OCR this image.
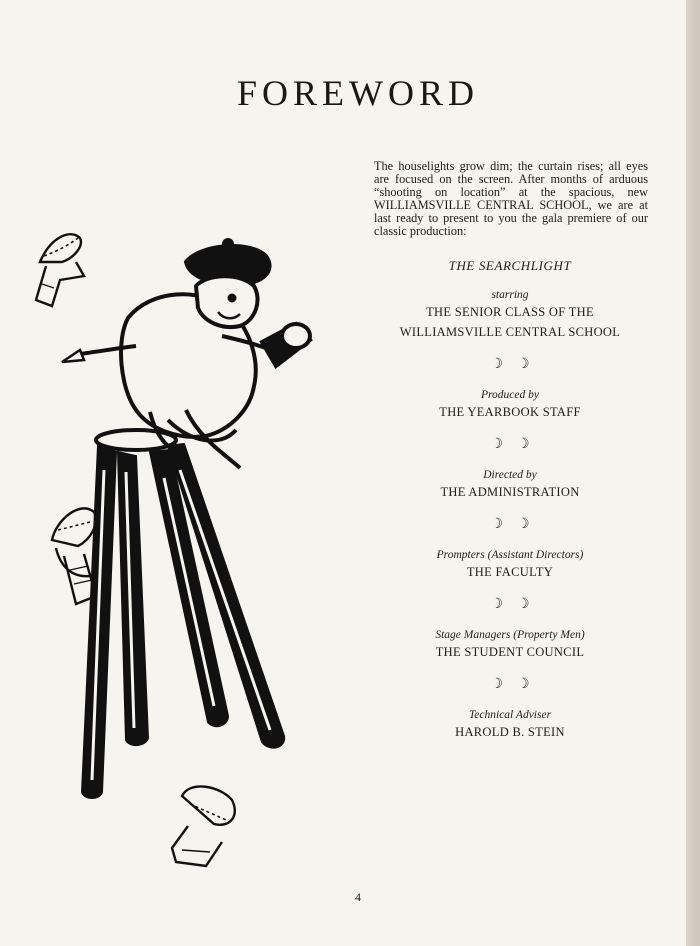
FOREWORD
The houselights grow dim; the curtain rises; all eyes are focused on the screen. After months of arduous “shooting on location” at the spacious, new WILLIAMSVILLE CENTRAL SCHOOL, we are at last ready to present to you the gala premiere of our classic production:
THE SEARCHLIGHT
starring
THE SENIOR CLASS OF THE
WILLIAMSVILLE CENTRAL SCHOOL
☽☽
Produced by
THE YEARBOOK STAFF
☽☽
Directed by
THE ADMINISTRATION
☽☽
Prompters (Assistant Directors)
THE FACULTY
☽☽
Stage Managers (Property Men)
THE STUDENT COUNCIL
☽☽
Technical Adviser
HAROLD B. STEIN
4
